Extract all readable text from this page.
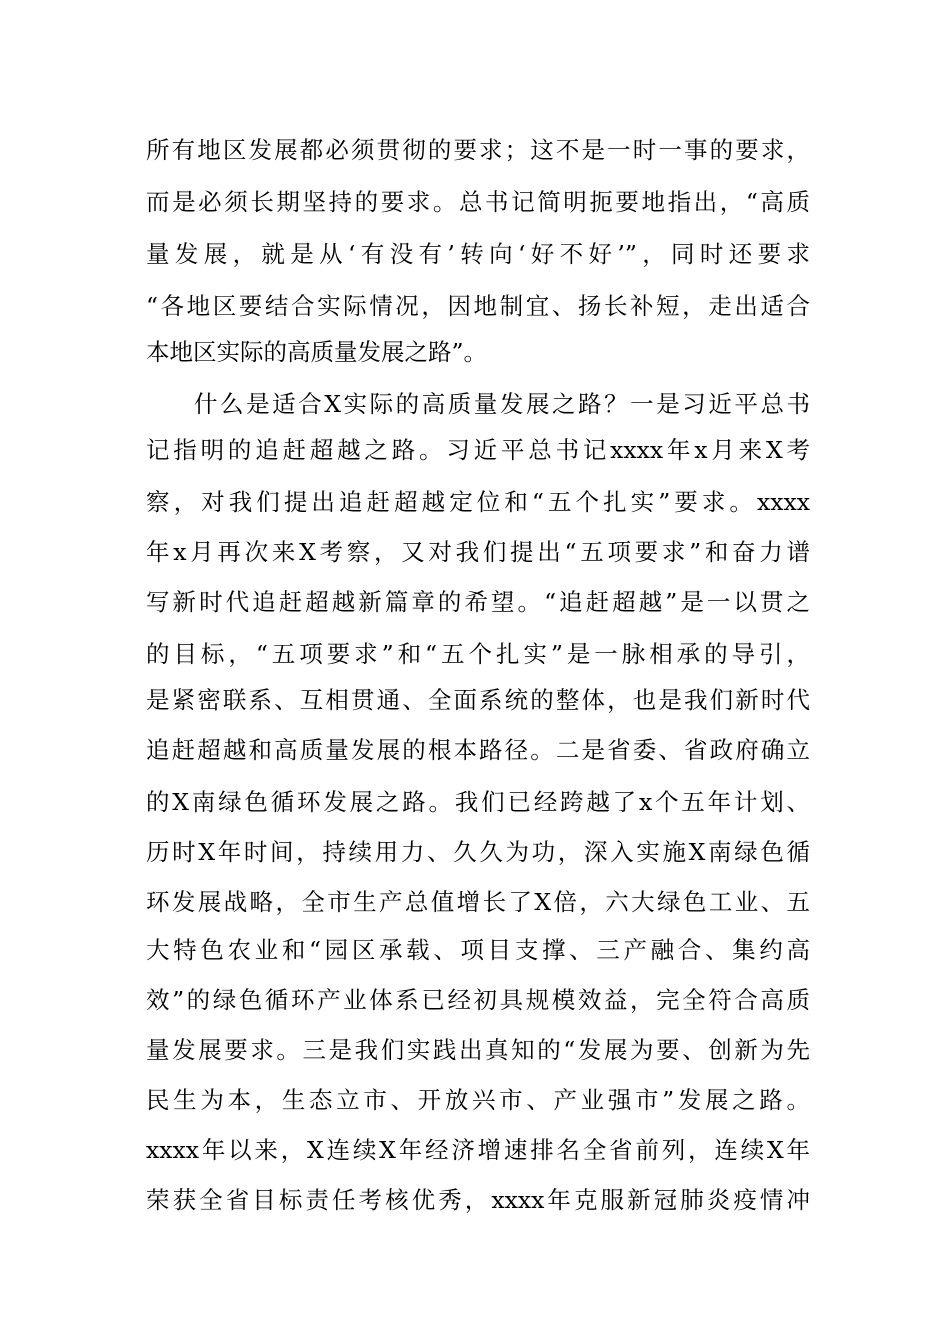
所有地区发展都必须贯彻的要求；这不是一时一事的要求，
而是必须长期坚持的要求。总书记简明扼要地指出，“高质
量发展，就是从‘有没有’转向‘好不好’”，同时还要求
“各地区要结合实际情况，因地制宜、扬长补短，走出适合
本地区实际的高质量发展之路”。
什么是适合X实际的高质量发展之路？一是习近平总书
记指明的追赶超越之路。习近平总书记xxxx年x月来X考
察，对我们提出追赶超越定位和“五个扎实”要求。xxxx
年x月再次来X考察，又对我们提出“五项要求”和奋力谱
写新时代追赶超越新篇章的希望。“追赶超越”是一以贯之
的目标，“五项要求”和“五个扎实”是一脉相承的导引，
是紧密联系、互相贯通、全面系统的整体，也是我们新时代
追赶超越和高质量发展的根本路径。二是省委、省政府确立
的X南绿色循环发展之路。我们已经跨越了x个五年计划、
历时X年时间，持续用力、久久为功，深入实施X南绿色循
环发展战略，全市生产总值增长了X倍，六大绿色工业、五
大特色农业和“园区承载、项目支撑、三产融合、集约高
效”的绿色循环产业体系已经初具规模效益，完全符合高质
量发展要求。三是我们实践出真知的“发展为要、创新为先
民生为本，生态立市、开放兴市、产业强市”发展之路。
xxxx年以来，X连续X年经济增速排名全省前列，连续X年
荣获全省目标责任考核优秀，xxxx年克服新冠肺炎疫情冲
